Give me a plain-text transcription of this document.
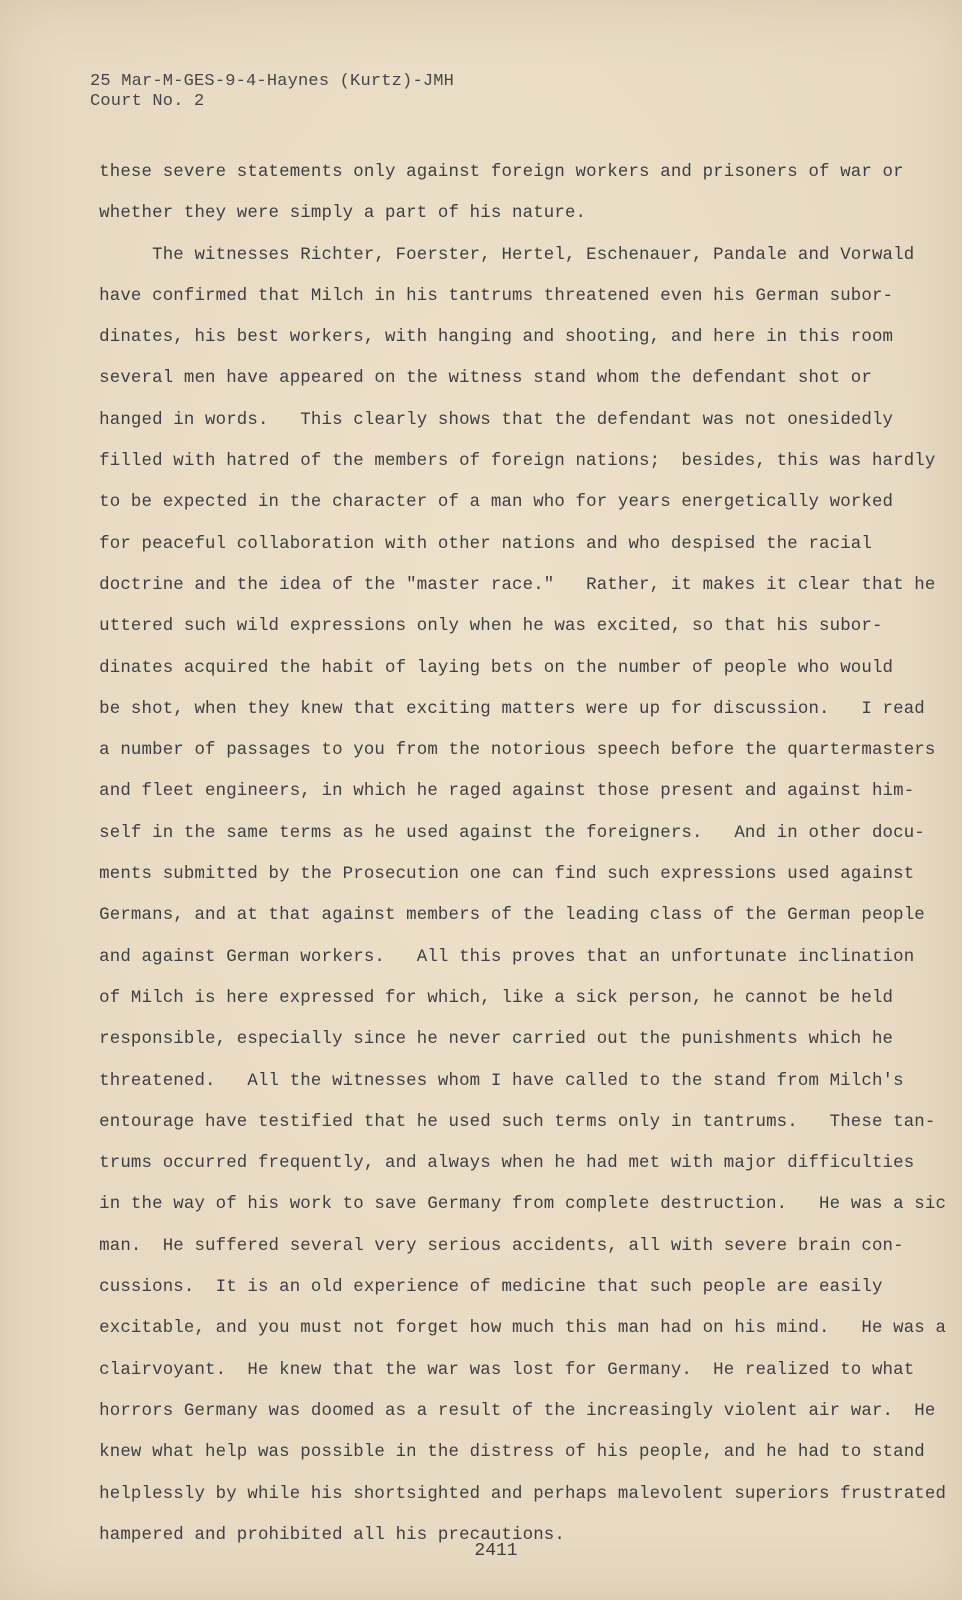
25 Mar-M-GES-9-4-Haynes (Kurtz)-JMH
Court No. 2
these severe statements only against foreign workers and prisoners of war or
whether they were simply a part of his nature.
The witnesses Richter, Foerster, Hertel, Eschenauer, Pandale and Vorwald
have confirmed that Milch in his tantrums threatened even his German subor-
dinates, his best workers, with hanging and shooting, and here in this room
several men have appeared on the witness stand whom the defendant shot or
hanged in words.   This clearly shows that the defendant was not onesidedly
filled with hatred of the members of foreign nations;  besides, this was hardly
to be expected in the character of a man who for years energetically worked
for peaceful collaboration with other nations and who despised the racial
doctrine and the idea of the "master race."   Rather, it makes it clear that he
uttered such wild expressions only when he was excited, so that his subor-
dinates acquired the habit of laying bets on the number of people who would
be shot, when they knew that exciting matters were up for discussion.   I read
a number of passages to you from the notorious speech before the quartermasters
and fleet engineers, in which he raged against those present and against him-
self in the same terms as he used against the foreigners.   And in other docu-
ments submitted by the Prosecution one can find such expressions used against
Germans, and at that against members of the leading class of the German people
and against German workers.   All this proves that an unfortunate inclination
of Milch is here expressed for which, like a sick person, he cannot be held
responsible, especially since he never carried out the punishments which he
threatened.   All the witnesses whom I have called to the stand from Milch's
entourage have testified that he used such terms only in tantrums.   These tan-
trums occurred frequently, and always when he had met with major difficulties
in the way of his work to save Germany from complete destruction.   He was a sic
man.  He suffered several very serious accidents, all with severe brain con-
cussions.  It is an old experience of medicine that such people are easily
excitable, and you must not forget how much this man had on his mind.   He was a
clairvoyant.  He knew that the war was lost for Germany.  He realized to what
horrors Germany was doomed as a result of the increasingly violent air war.  He
knew what help was possible in the distress of his people, and he had to stand
helplessly by while his shortsighted and perhaps malevolent superiors frustrated
hampered and prohibited all his precautions.
2411
